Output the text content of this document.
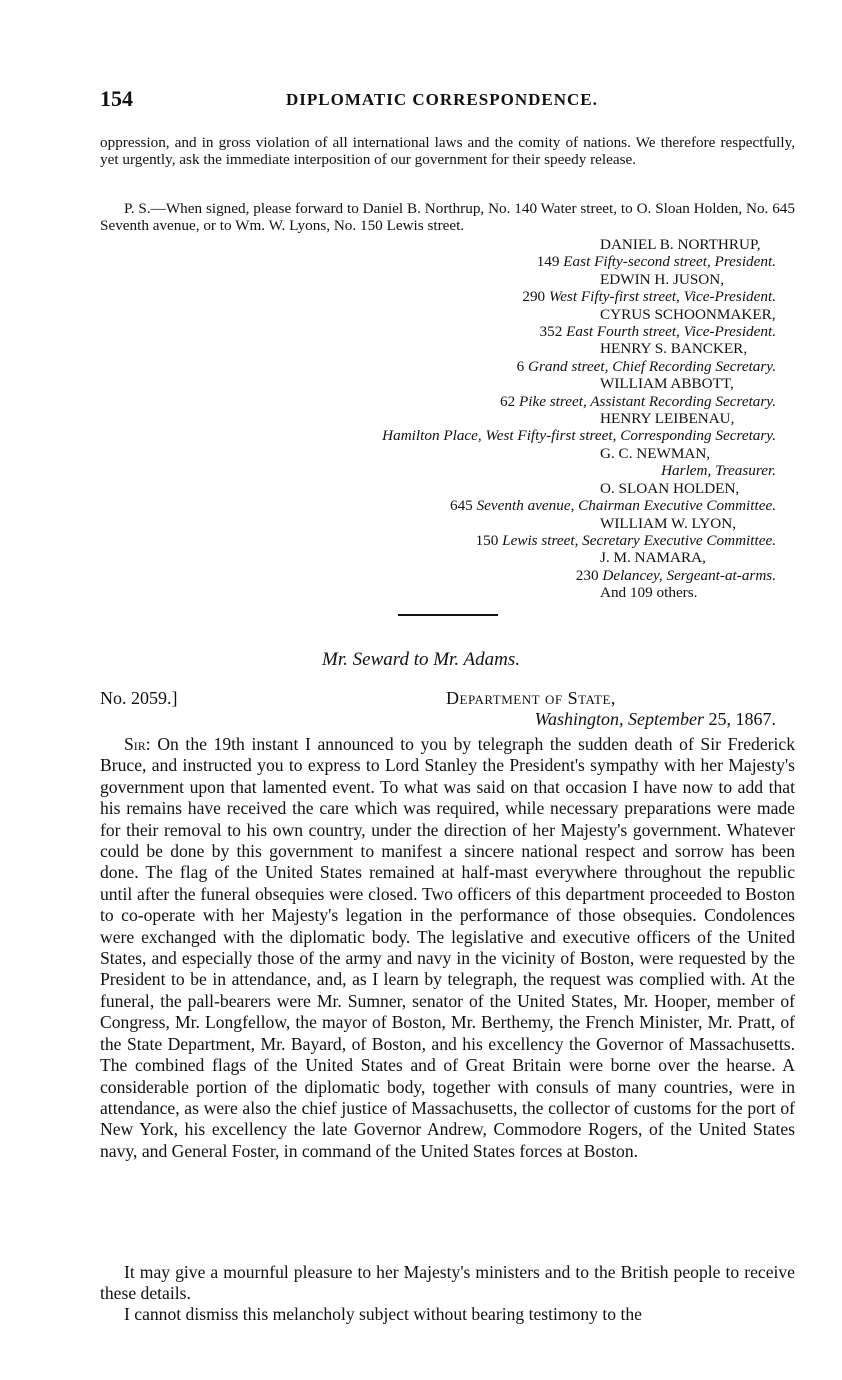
154	DIPLOMATIC CORRESPONDENCE.
oppression, and in gross violation of all international laws and the comity of nations. We therefore respectfully, yet urgently, ask the immediate interposition of our government for their speedy release.
P. S.—When signed, please forward to Daniel B. Northrup, No. 140 Water street, to O. Sloan Holden, No. 645 Seventh avenue, or to Wm. W. Lyons, No. 150 Lewis street.
DANIEL B. NORTHRUP,
149 East Fifty-second street, President.
EDWIN H. JUSON,
290 West Fifty-first street, Vice-President.
CYRUS SCHOONMAKER,
352 East Fourth street, Vice-President.
HENRY S. BANCKER,
6 Grand street, Chief Recording Secretary.
WILLIAM ABBOTT,
62 Pike street, Assistant Recording Secretary.
HENRY LEIBENAU,
Hamilton Place, West Fifty-first street, Corresponding Secretary.
G. C. NEWMAN,
Harlem, Treasurer.
O. SLOAN HOLDEN,
645 Seventh avenue, Chairman Executive Committee.
WILLIAM W. LYON,
150 Lewis street, Secretary Executive Committee.
J. M. NAMARA,
230 Delancey, Sergeant-at-arms.
And 109 others.
Mr. Seward to Mr. Adams.
No. 2059.]	Department of State,
Washington, September 25, 1867.
Sir: On the 19th instant I announced to you by telegraph the sudden death of Sir Frederick Bruce, and instructed you to express to Lord Stanley the President's sympathy with her Majesty's government upon that lamented event. To what was said on that occasion I have now to add that his remains have received the care which was required, while necessary preparations were made for their removal to his own country, under the direction of her Majesty's government. Whatever could be done by this government to manifest a sincere national respect and sorrow has been done. The flag of the United States remained at half-mast everywhere throughout the republic until after the funeral obsequies were closed. Two officers of this department proceeded to Boston to co-operate with her Majesty's legation in the performance of those obsequies. Condolences were exchanged with the diplomatic body. The legislative and executive officers of the United States, and especially those of the army and navy in the vicinity of Boston, were requested by the President to be in attendance, and, as I learn by telegraph, the request was complied with. At the funeral, the pall-bearers were Mr. Sumner, senator of the United States, Mr. Hooper, member of Congress, Mr. Longfellow, the mayor of Boston, Mr. Berthemy, the French Minister, Mr. Pratt, of the State Department, Mr. Bayard, of Boston, and his excellency the Governor of Massachusetts. The combined flags of the United States and of Great Britain were borne over the hearse. A considerable portion of the diplomatic body, together with consuls of many countries, were in attendance, as were also the chief justice of Massachusetts, the collector of customs for the port of New York, his excellency the late Governor Andrew, Commodore Rogers, of the United States navy, and General Foster, in command of the United States forces at Boston.
It may give a mournful pleasure to her Majesty's ministers and to the British people to receive these details.
I cannot dismiss this melancholy subject without bearing testimony to the
